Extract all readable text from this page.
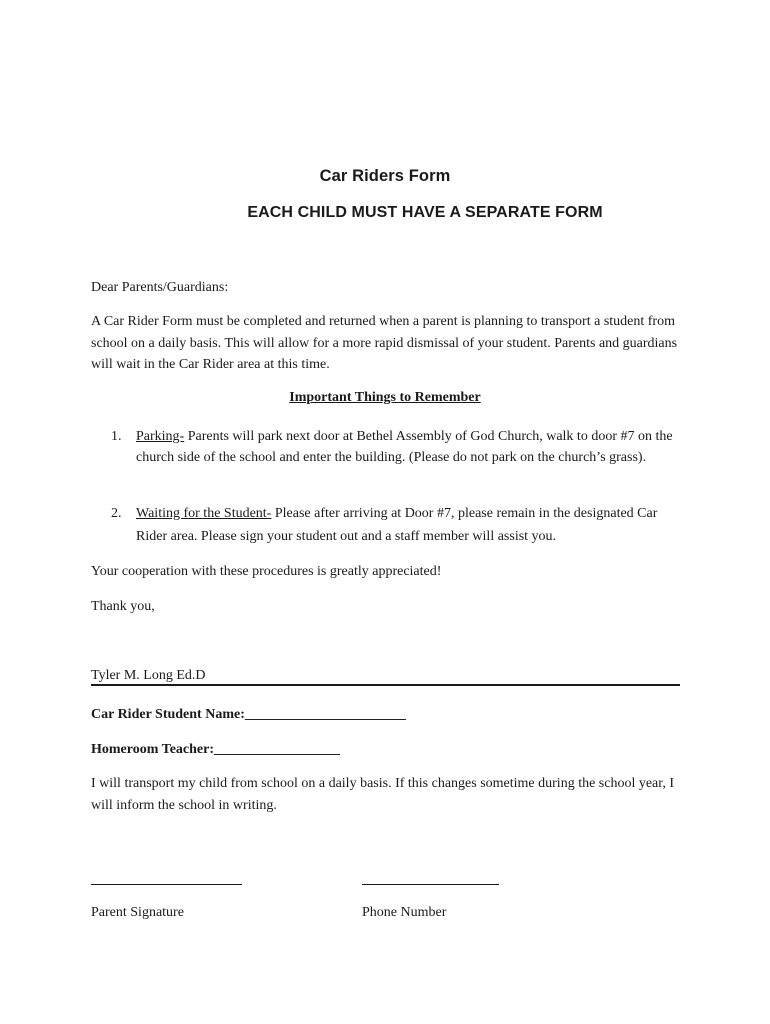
Car Riders Form
EACH CHILD MUST HAVE A SEPARATE FORM
Dear Parents/Guardians:
A Car Rider Form must be completed and returned when a parent is planning to transport a student from school on a daily basis. This will allow for a more rapid dismissal of your student. Parents and guardians will wait in the Car Rider area at this time.
Important Things to Remember
1. Parking- Parents will park next door at Bethel Assembly of God Church, walk to door #7 on the church side of the school and enter the building. (Please do not park on the church’s grass).
2. Waiting for the Student- Please after arriving at Door #7, please remain in the designated Car Rider area. Please sign your student out and a staff member will assist you.
Your cooperation with these procedures is greatly appreciated!
Thank you,
Tyler M. Long Ed.D
Car Rider Student Name:_______________________
Homeroom Teacher:__________________
I will transport my child from school on a daily basis. If this changes sometime during the school year, I will inform the school in writing.
Parent Signature	Phone Number
